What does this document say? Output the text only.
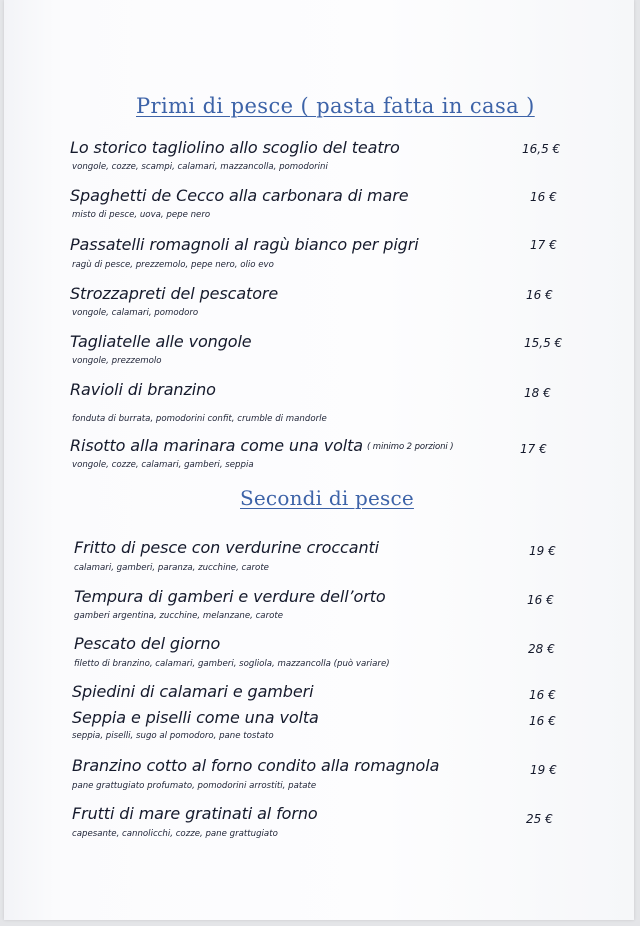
Primi di pesce ( pasta fatta in casa )
Lo storico tagliolino allo scoglio del teatro
vongole, cozze, scampi, calamari, mazzancolla, pomodorini
16,5 €
Spaghetti de Cecco alla carbonara di mare
misto di pesce, uova, pepe nero
16 €
Passatelli romagnoli al ragù bianco per pigri
ragù di pesce, prezzemolo, pepe nero, olio evo
17 €
Strozzapreti del pescatore
vongole, calamari, pomodoro
16 €
Tagliatelle alle vongole
vongole, prezzemolo
15,5 €
Ravioli di branzino
fonduta di burrata, pomodorini confit, crumble di mandorle
18 €
Risotto alla marinara come una volta ( minimo 2 porzioni )
vongole, cozze, calamari, gamberi, seppia
17 €
Secondi di pesce
Fritto di pesce con verdurine croccanti
calamari, gamberi, paranza, zucchine, carote
19 €
Tempura di gamberi e verdure dell’orto
gamberi argentina, zucchine, melanzane, carote
16 €
Pescato del giorno
filetto di branzino, calamari, gamberi, sogliola, mazzancolla (può variare)
28 €
Spiedini di calamari e gamberi	16 €
Seppia e piselli come una volta
seppia, piselli, sugo al pomodoro, pane tostato
16 €
Branzino cotto al forno condito alla romagnola
pane grattugiato profumato, pomodorini arrostiti, patate
19 €
Frutti di mare gratinati al forno
capesante, cannolicchi, cozze, pane grattugiato
25 €
